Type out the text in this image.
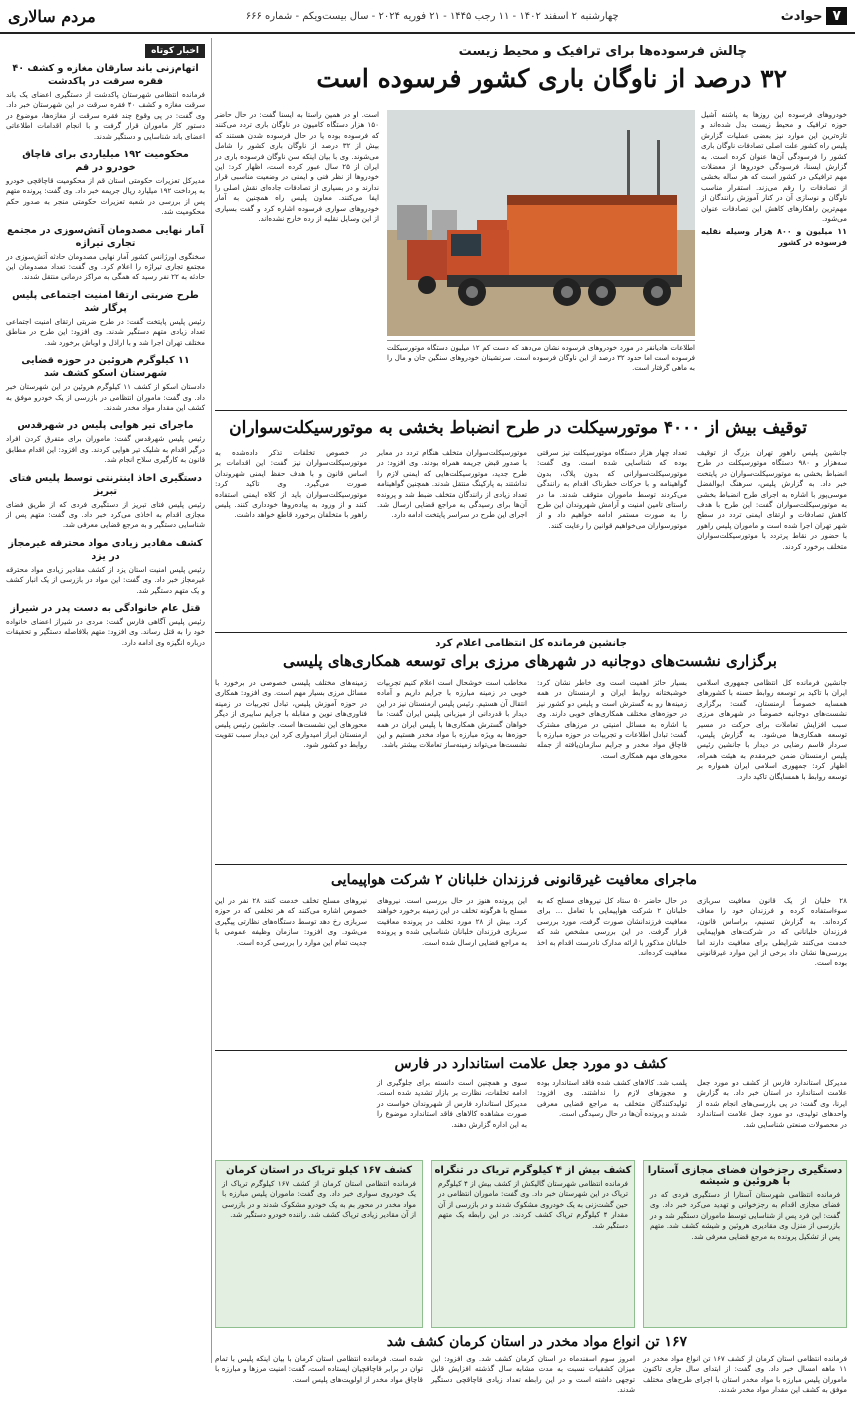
۷
حوادث
چهارشنبه ۲ اسفند ۱۴۰۲ - ۱۱ رجب ۱۴۴۵ - ۲۱ فوریه ۲۰۲۴ - سال بیست‌ویکم - شماره ۶۶۶
مردم سالاری
چالش فرسوده‌ها برای ترافیک و محیط زیست
۳۲ درصد از ناوگان باری کشور فرسوده است
خودروهای فرسوده این روزها به پاشنه آشیل حوزه ترافیک و محیط زیست بدل شده‌اند و تازه‌ترین این موارد نیز بعضی عملیات گزارش پلیس راه کشور علت اصلی تصادفات ناوگان باری کشور را فرسودگی آن‌ها عنوان کرده است. به گزارش ایسنا، فرسودگی خودروها از معضلات مهم ترافیکی در کشور است که هر ساله بخشی از تصادفات را رقم می‌زند. استقرار مناسب ناوگان و نوسازی آن در کنار آموزش رانندگان از مهم‌ترین راهکارهای کاهش این تصادفات عنوان می‌شود.
۱۱ میلیون و ۸۰۰ هزار وسیله نقلیه فرسوده در کشور
اطلاعات هادیانفر در مورد خودروهای فرسوده نشان می‌دهد که دست کم ۱۲ میلیون دستگاه موتورسیکلت فرسوده است اما حدود ۳۲ درصد از این ناوگان فرسوده است. سرنشینان خودروهای سنگین جان و مال را به ماهی گرفتار است.
است. او در همین راستا به ایسنا گفت: در حال حاضر ۱۵۰ هزار دستگاه کامیون در ناوگان باری تردد می‌کنند که فرسوده بوده یا در حال فرسوده شدن هستند که بیش از ۳۲ درصد از ناوگان باری کشور را شامل می‌شوند. وی با بیان اینکه سن ناوگان فرسوده باری در ایران از ۲۵ سال عبور کرده است، اظهار کرد: این خودروها از نظر فنی و ایمنی در وضعیت مناسبی قرار ندارند و در بسیاری از تصادفات جاده‌ای نقش اصلی را ایفا می‌کنند. معاون پلیس راه همچنین به آمار خودروهای سواری فرسوده اشاره کرد و گفت بسیاری از این وسایل نقلیه از رده خارج نشده‌اند.
توقیف بیش از ۴۰۰۰ موتورسیکلت در طرح انضباط بخشی به موتورسیکلت‌سواران
جانشین پلیس راهور تهران بزرگ از توقیف سه‌هزار و ۹۸۰ دستگاه موتورسیکلت در طرح انضباط بخشی به موتورسیکلت‌سواران در پایتخت خبر داد. به گزارش پلیس، سرهنگ ابوالفضل موسی‌پور با اشاره به اجرای طرح انضباط بخشی به موتورسیکلت‌سواران گفت: این طرح با هدف کاهش تصادفات و ارتقای ایمنی تردد در سطح شهر تهران اجرا شده است و ماموران پلیس راهور با حضور در نقاط پرتردد با موتورسیکلت‌سواران متخلف برخورد کردند.
تعداد چهار هزار دستگاه موتورسیکلت نیز سرقتی بوده که شناسایی شده است. وی گفت: موتورسیکلت‌سوارانی که بدون پلاک، بدون گواهینامه و با حرکات خطرناک اقدام به رانندگی می‌کردند توسط ماموران متوقف شدند. ما در راستای تامین امنیت و آرامش شهروندان این طرح را به صورت مستمر ادامه خواهیم داد و از موتورسواران می‌خواهیم قوانین را رعایت کنند.
موتورسیکلت‌سواران متخلف هنگام تردد در معابر با صدور قبض جریمه همراه بودند. وی افزود: در طرح جدید، موتورسیکلت‌هایی که ایمنی لازم را نداشتند به پارکینگ منتقل شدند. همچنین گواهینامه تعداد زیادی از رانندگان متخلف ضبط شد و پرونده آن‌ها برای رسیدگی به مراجع قضایی ارسال شد. اجرای این طرح در سراسر پایتخت ادامه دارد.
در خصوص تخلفات تذکر داده‌شده به موتورسیکلت‌سواران نیز گفت: این اقدامات بر اساس قانون و با هدف حفظ ایمنی شهروندان صورت می‌گیرد. وی تاکید کرد: موتورسیکلت‌سواران باید از کلاه ایمنی استفاده کنند و از ورود به پیاده‌روها خودداری کنند. پلیس راهور با متخلفان برخورد قاطع خواهد داشت.
جانشین فرمانده کل انتظامی اعلام کرد
برگزاری نشست‌های دوجانبه در شهرهای مرزی برای توسعه همکاری‌های پلیسی
جانشین فرمانده کل انتظامی جمهوری اسلامی ایران با تاکید بر توسعه روابط حسنه با کشورهای همسایه خصوصاً ارمنستان، گفت: برگزاری نشست‌های دوجانبه خصوصاً در شهرهای مرزی سبب افزایش تعاملات برای حرکت در مسیر توسعه همکاری‌ها می‌شود. به گزارش پلیس، سردار قاسم رضایی در دیدار با جانشین رئیس پلیس ارمنستان ضمن خیرمقدم به هیئت همراه، اظهار کرد: جمهوری اسلامی ایران همواره بر توسعه روابط با همسایگان تاکید دارد.
بسیار حائز اهمیت است وی خاطر نشان کرد: خوشبختانه روابط ایران و ارمنستان در همه زمینه‌ها رو به گسترش است و پلیس دو کشور نیز در حوزه‌های مختلف همکاری‌های خوبی دارند. وی با اشاره به مسائل امنیتی در مرزهای مشترک گفت: تبادل اطلاعات و تجربیات در حوزه مبارزه با قاچاق مواد مخدر و جرایم سازمان‌یافته از جمله محورهای مهم همکاری است.
مخاطب است خوشحال است اعلام کنیم تجربیات خوبی در زمینه مبارزه با جرایم داریم و آماده انتقال آن هستیم. رئیس پلیس ارمنستان نیز در این دیدار با قدردانی از میزبانی پلیس ایران گفت: ما خواهان گسترش همکاری‌ها با پلیس ایران در همه حوزه‌ها به ویژه مبارزه با مواد مخدر هستیم و این نشست‌ها می‌تواند زمینه‌ساز تعاملات بیشتر باشد.
زمینه‌های مختلف پلیسی خصوصی در برخورد با مسائل مرزی بسیار مهم است. وی افزود: همکاری در حوزه آموزش پلیس، تبادل تجربیات در زمینه فناوری‌های نوین و مقابله با جرایم سایبری از دیگر محورهای این نشست‌ها است. جانشین رئیس پلیس ارمنستان ابراز امیدواری کرد این دیدار سبب تقویت روابط دو کشور شود.
ماجرای معافیت غیرقانونی فرزندان خلبانان ۲ شرکت هواپیمایی
۲۸ خلبان از یک قانون معافیت سربازی سوءاستفاده کرده و فرزندان خود را معاف کرده‌اند. به گزارش تسنیم، براساس قانون، فرزندان خلبانانی که در شرکت‌های هواپیمایی خدمت می‌کنند شرایطی برای معافیت دارند اما بررسی‌ها نشان داد برخی از این موارد غیرقانونی بوده است.
در حال حاضر ۵۰ ستاد کل نیروهای مسلح که به خلبانان ۲ شرکت هواپیمایی با تعامل ... برای معافیت فرزندانشان صورت گرفت، مورد بررسی قرار گرفت. در این بررسی مشخص شد که خلبانان مذکور با ارائه مدارک نادرست اقدام به اخذ معافیت کرده‌اند.
این پرونده هنوز در حال بررسی است. نیروهای مسلح با هرگونه تخلف در این زمینه برخورد خواهند کرد. بیش از ۲۸ مورد تخلف در پرونده معافیت سربازی فرزندان خلبانان شناسایی شده و پرونده به مراجع قضایی ارسال شده است.
نیروهای مسلح تخلف خدمت کنند ۲۸ نفر در این خصوص اشاره می‌کنند که هر تخلفی که در حوزه سربازی رخ دهد توسط دستگاه‌های نظارتی پیگیری می‌شود. وی افزود: سازمان وظیفه عمومی با جدیت تمام این موارد را بررسی کرده است.
کشف دو مورد جعل علامت استاندارد در فارس
مدیرکل استاندارد فارس از کشف دو مورد جعل علامت استاندارد در استان خبر داد. به گزارش ایرنا، وی گفت: در پی بازرسی‌های انجام شده از واحدهای تولیدی، دو مورد جعل علامت استاندارد در محصولات صنعتی شناسایی شد.
پلمب شد. کالاهای کشف شده فاقد استاندارد بوده و مجوزهای لازم را نداشتند. وی افزود: تولیدکنندگان متخلف به مراجع قضایی معرفی شدند و پرونده آن‌ها در حال رسیدگی است.
سوی و همچنین است دانسته برای جلوگیری از ادامه تخلفات، نظارت بر بازار تشدید شده است. مدیرکل استاندارد فارس از شهروندان خواست در صورت مشاهده کالاهای فاقد استاندارد موضوع را به این اداره گزارش دهند.
دستگیری رجزخوان فضای مجازی آستارا با هروئین و شیشه
فرمانده انتظامی شهرستان آستارا از دستگیری فردی که در فضای مجازی اقدام به رجزخوانی و تهدید می‌کرد خبر داد. وی گفت: این فرد پس از شناسایی توسط ماموران دستگیر شد و در بازرسی از منزل وی مقادیری هروئین و شیشه کشف شد. متهم پس از تشکیل پرونده به مرجع قضایی معرفی شد.
کشف بیش از ۴ کیلوگرم تریاک در تنگراه
فرمانده انتظامی شهرستان گالیکش از کشف بیش از ۴ کیلوگرم تریاک در این شهرستان خبر داد. وی گفت: ماموران انتظامی در حین گشت‌زنی به یک خودروی مشکوک شدند و در بازرسی از آن مقدار ۴ کیلوگرم تریاک کشف کردند. در این رابطه یک متهم دستگیر شد.
کشف ۱۶۷ کیلو تریاک در استان کرمان
فرمانده انتظامی استان کرمان از کشف ۱۶۷ کیلوگرم تریاک از یک خودروی سواری خبر داد. وی گفت: ماموران پلیس مبارزه با مواد مخدر در محور بم به یک خودرو مشکوک شدند و در بازرسی از آن مقادیر زیادی تریاک کشف شد. راننده خودرو دستگیر شد.
۱۶۷ تن انواع مواد مخدر در استان کرمان کشف شد
فرمانده انتظامی استان کرمان از کشف ۱۶۷ تن انواع مواد مخدر در ۱۱ ماهه امسال خبر داد. وی گفت: از ابتدای سال جاری تاکنون ماموران پلیس مبارزه با مواد مخدر استان با اجرای طرح‌های مختلف موفق به کشف این مقدار مواد مخدر شدند.
امروز سوم اسفندماه در استان کرمان کشف شد. وی افزود: این میزان کشفیات نسبت به مدت مشابه سال گذشته افزایش قابل توجهی داشته است و در این رابطه تعداد زیادی قاچاقچی دستگیر شدند.
شده است. فرمانده انتظامی استان کرمان با بیان اینکه پلیس با تمام توان در برابر قاچاقچیان ایستاده است، گفت: امنیت مرزها و مبارزه با قاچاق مواد مخدر از اولویت‌های پلیس است.
اخبار کوتاه
اتهام‌زنی باند سارقان مغازه و کشف ۴۰ فقره سرقت در پاکدشت
فرمانده انتظامی شهرستان پاکدشت از دستگیری اعضای یک باند سرقت مغازه و کشف ۴۰ فقره سرقت در این شهرستان خبر داد. وی گفت: در پی وقوع چند فقره سرقت از مغازه‌ها، موضوع در دستور کار ماموران قرار گرفت و با انجام اقدامات اطلاعاتی اعضای باند شناسایی و دستگیر شدند.
محکومیت ۱۹۲ میلیاردی برای قاچاق خودرو در قم
مدیرکل تعزیرات حکومتی استان قم از محکومیت قاچاقچی خودرو به پرداخت ۱۹۲ میلیارد ریال جریمه خبر داد. وی گفت: پرونده متهم پس از بررسی در شعبه تعزیرات حکومتی منجر به صدور حکم محکومیت شد.
آمار نهایی مصدومان آتش‌سوزی در مجتمع تجاری تیراژه
سخنگوی اورژانس کشور آمار نهایی مصدومان حادثه آتش‌سوزی در مجتمع تجاری تیراژه را اعلام کرد. وی گفت: تعداد مصدومان این حادثه به ۲۲ نفر رسید که همگی به مراکز درمانی منتقل شدند.
طرح ضربتی ارتقا امنیت اجتماعی پلیس پرگار شد
رئیس پلیس پایتخت گفت: در طرح ضربتی ارتقای امنیت اجتماعی تعداد زیادی متهم دستگیر شدند. وی افزود: این طرح در مناطق مختلف تهران اجرا شد و با اراذل و اوباش برخورد شد.
۱۱ کیلوگرم هروئین در حوزه قضایی شهرستان اسکو کشف شد
دادستان اسکو از کشف ۱۱ کیلوگرم هروئین در این شهرستان خبر داد. وی گفت: ماموران انتظامی در بازرسی از یک خودرو موفق به کشف این مقدار مواد مخدر شدند.
ماجرای تیر هوایی پلیس در شهرقدس
رئیس پلیس شهرقدس گفت: ماموران برای متفرق کردن افراد درگیر اقدام به شلیک تیر هوایی کردند. وی افزود: این اقدام مطابق قانون به کارگیری سلاح انجام شد.
دستگیری اخاذ اینترنتی توسط پلیس فتای تبریز
رئیس پلیس فتای تبریز از دستگیری فردی که از طریق فضای مجازی اقدام به اخاذی می‌کرد خبر داد. وی گفت: متهم پس از شناسایی دستگیر و به مرجع قضایی معرفی شد.
کشف مقادیر زیادی مواد محترقه غیرمجاز در یزد
رئیس پلیس امنیت استان یزد از کشف مقادیر زیادی مواد محترقه غیرمجاز خبر داد. وی گفت: این مواد در بازرسی از یک انبار کشف و یک متهم دستگیر شد.
قتل عام خانوادگی به دست پدر در شیراز
رئیس پلیس آگاهی فارس گفت: مردی در شیراز اعضای خانواده خود را به قتل رساند. وی افزود: متهم بلافاصله دستگیر و تحقیقات درباره انگیزه وی ادامه دارد.
